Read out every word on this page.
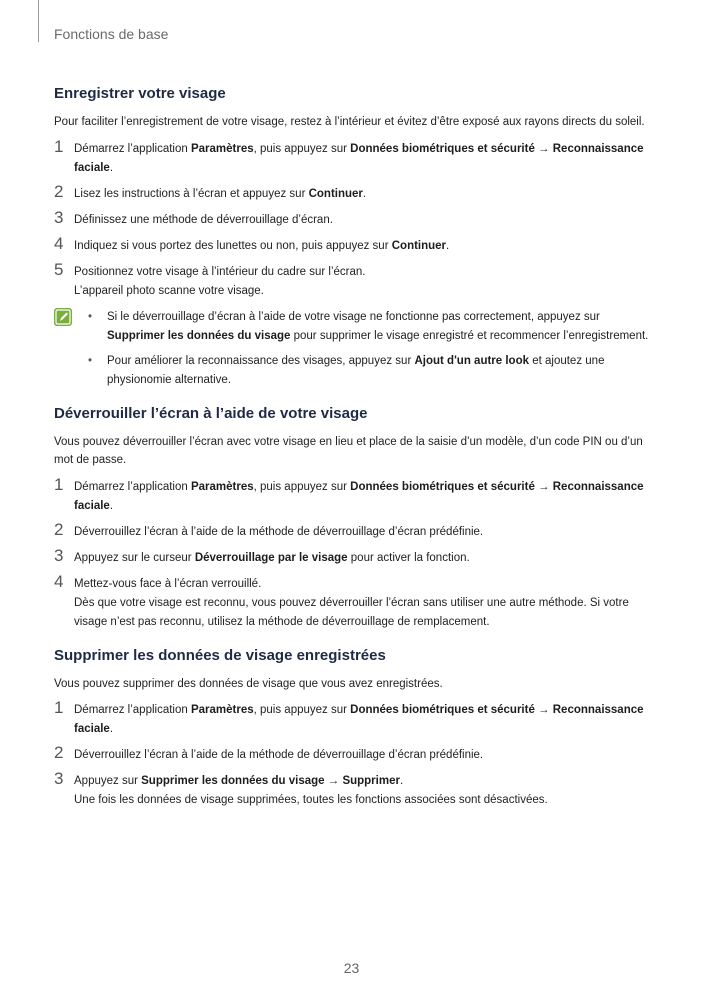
Fonctions de base
Enregistrer votre visage

Pour faciliter l’enregistrement de votre visage, restez à l’intérieur et évitez d’être exposé aux rayons directs du soleil.

1 Démarrez l’application Paramètres, puis appuyez sur Données biométriques et sécurité → Reconnaissance faciale.
2 Lisez les instructions à l’écran et appuyez sur Continuer.
3 Définissez une méthode de déverrouillage d’écran.
4 Indiquez si vous portez des lunettes ou non, puis appuyez sur Continuer.
5 Positionnez votre visage à l’intérieur du cadre sur l’écran.
L’appareil photo scanne votre visage.
• Si le déverrouillage d’écran à l’aide de votre visage ne fonctionne pas correctement, appuyez sur Supprimer les données du visage pour supprimer le visage enregistré et recommencer l’enregistrement.
• Pour améliorer la reconnaissance des visages, appuyez sur Ajout d'un autre look et ajoutez une physionomie alternative.
Déverrouiller l’écran à l’aide de votre visage

Vous pouvez déverrouiller l’écran avec votre visage en lieu et place de la saisie d’un modèle, d’un code PIN ou d’un mot de passe.

1 Démarrez l’application Paramètres, puis appuyez sur Données biométriques et sécurité → Reconnaissance faciale.
2 Déverrouillez l’écran à l’aide de la méthode de déverrouillage d’écran prédéfinie.
3 Appuyez sur le curseur Déverrouillage par le visage pour activer la fonction.
4 Mettez-vous face à l’écran verrouillé.
Dès que votre visage est reconnu, vous pouvez déverrouiller l’écran sans utiliser une autre méthode. Si votre visage n’est pas reconnu, utilisez la méthode de déverrouillage de remplacement.
Supprimer les données de visage enregistrées

Vous pouvez supprimer des données de visage que vous avez enregistrées.

1 Démarrez l’application Paramètres, puis appuyez sur Données biométriques et sécurité → Reconnaissance faciale.
2 Déverrouillez l’écran à l’aide de la méthode de déverrouillage d’écran prédéfinie.
3 Appuyez sur Supprimer les données du visage → Supprimer.
Une fois les données de visage supprimées, toutes les fonctions associées sont désactivées.
23
